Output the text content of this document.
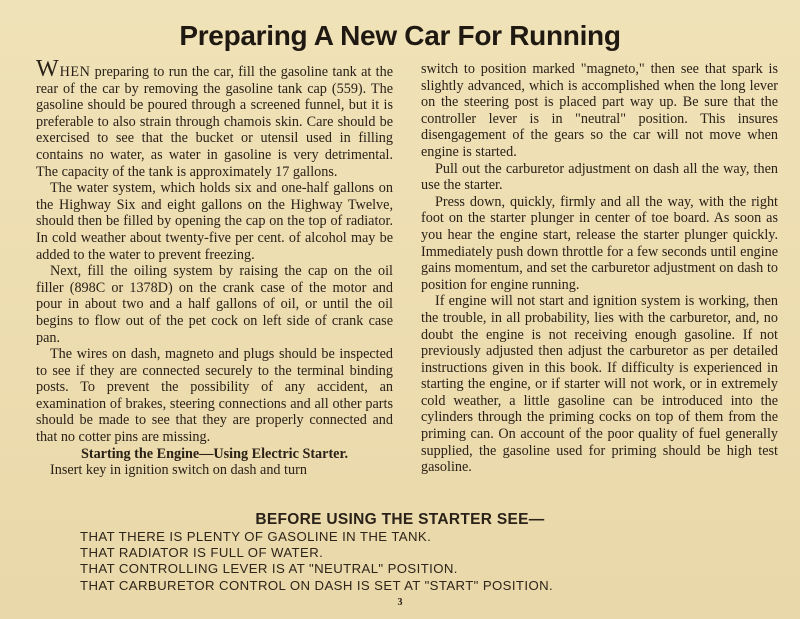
Preparing A New Car For Running

WHEN preparing to run the car, fill the gasoline tank at the rear of the car by removing the gasoline tank cap (559). The gasoline should be poured through a screened funnel, but it is preferable to also strain through chamois skin. Care should be exercised to see that the bucket or utensil used in filling contains no water, as water in gasoline is very detrimental. The capacity of the tank is approximately 17 gallons.

The water system, which holds six and one-half gallons on the Highway Six and eight gallons on the Highway Twelve, should then be filled by opening the cap on the top of radiator. In cold weather about twenty-five per cent. of alcohol may be added to the water to prevent freezing.

Next, fill the oiling system by raising the cap on the oil filler (898C or 1378D) on the crank case of the motor and pour in about two and a half gallons of oil, or until the oil begins to flow out of the pet cock on left side of crank case pan.

The wires on dash, magneto and plugs should be inspected to see if they are connected securely to the terminal binding posts. To prevent the possibility of any accident, an examination of brakes, steering connections and all other parts should be made to see that they are properly connected and that no cotter pins are missing.

Starting the Engine—Using Electric Starter.

Insert key in ignition switch on dash and turn

switch to position marked "magneto," then see that spark is slightly advanced, which is accomplished when the long lever on the steering post is placed part way up. Be sure that the controller lever is in "neutral" position. This insures disengagement of the gears so the car will not move when engine is started.

Pull out the carburetor adjustment on dash all the way, then use the starter.

Press down, quickly, firmly and all the way, with the right foot on the starter plunger in center of toe board. As soon as you hear the engine start, release the starter plunger quickly. Immediately push down throttle for a few seconds until engine gains momentum, and set the carburetor adjustment on dash to position for engine running.

If engine will not start and ignition system is working, then the trouble, in all probability, lies with the carburetor, and, no doubt the engine is not receiving enough gasoline. If not previously adjusted then adjust the carburetor as per detailed instructions given in this book. If difficulty is experienced in starting the engine, or if starter will not work, or in extremely cold weather, a little gasoline can be introduced into the cylinders through the priming cocks on top of them from the priming can. On account of the poor quality of fuel generally supplied, the gasoline used for priming should be high test gasoline.

BEFORE USING THE STARTER SEE—
THAT THERE IS PLENTY OF GASOLINE IN THE TANK.
THAT RADIATOR IS FULL OF WATER.
THAT CONTROLLING LEVER IS AT "NEUTRAL" POSITION.
THAT CARBURETOR CONTROL ON DASH IS SET AT "START" POSITION.
3
